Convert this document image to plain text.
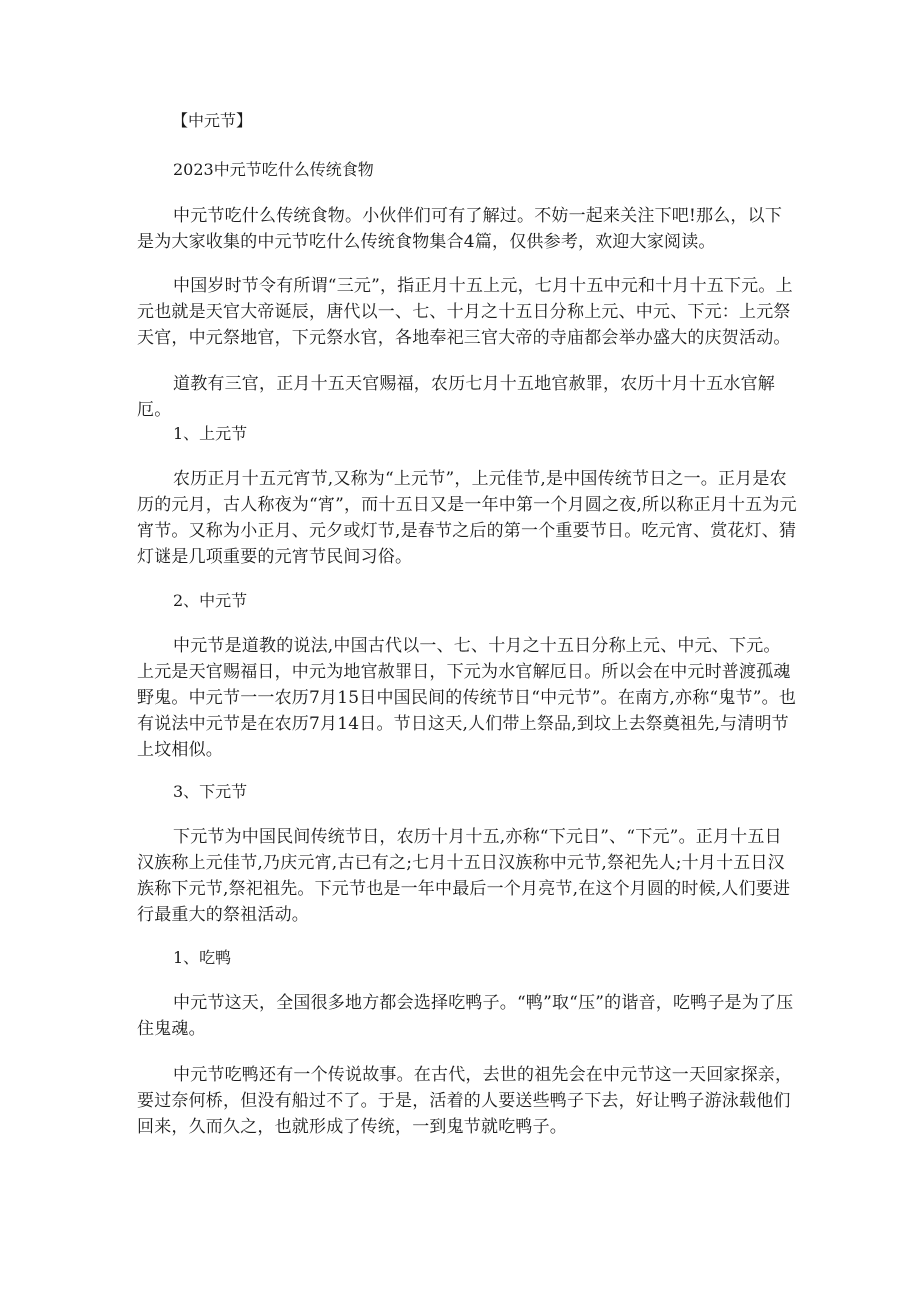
【中元节】
2023中元节吃什么传统食物

中元节吃什么传统食物。小伙伴们可有了解过。不妨一起来关注下吧!那么，以下是为大家收集的中元节吃什么传统食物集合4篇，仅供参考，欢迎大家阅读。

中国岁时节令有所谓“三元”，指正月十五上元，七月十五中元和十月十五下元。上元也就是天官大帝诞辰，唐代以一、七、十月之十五日分称上元、中元、下元：上元祭天官，中元祭地官，下元祭水官，各地奉祀三官大帝的寺庙都会举办盛大的庆贺活动。

道教有三官，正月十五天官赐福，农历七月十五地官赦罪，农历十月十五水官解厄。

1、上元节

农历正月十五元宵节,又称为“上元节”，上元佳节,是中国传统节日之一。正月是农历的元月，古人称夜为“宵”，而十五日又是一年中第一个月圆之夜,所以称正月十五为元宵节。又称为小正月、元夕或灯节,是春节之后的第一个重要节日。吃元宵、赏花灯、猜灯谜是几项重要的元宵节民间习俗。

2、中元节

中元节是道教的说法,中国古代以一、七、十月之十五日分称上元、中元、下元。上元是天官赐福日，中元为地官赦罪日，下元为水官解厄日。所以会在中元时普渡孤魂野鬼。中元节一一农历7月15日中国民间的传统节日“中元节”。在南方,亦称“鬼节”。也有说法中元节是在农历7月14日。节日这天,人们带上祭品,到坟上去祭奠祖先,与清明节上坟相似。

3、下元节

下元节为中国民间传统节日，农历十月十五,亦称“下元日”、“下元”。正月十五日汉族称上元佳节,乃庆元宵,古已有之;七月十五日汉族称中元节,祭祀先人;十月十五日汉族称下元节,祭祀祖先。下元节也是一年中最后一个月亮节,在这个月圆的时候,人们要进行最重大的祭祖活动。

1、吃鸭

中元节这天，全国很多地方都会选择吃鸭子。“鸭”取“压”的谐音，吃鸭子是为了压住鬼魂。

中元节吃鸭还有一个传说故事。在古代，去世的祖先会在中元节这一天回家探亲，要过奈何桥，但没有船过不了。于是，活着的人要送些鸭子下去，好让鸭子游泳载他们回来，久而久之，也就形成了传统，一到鬼节就吃鸭子。
